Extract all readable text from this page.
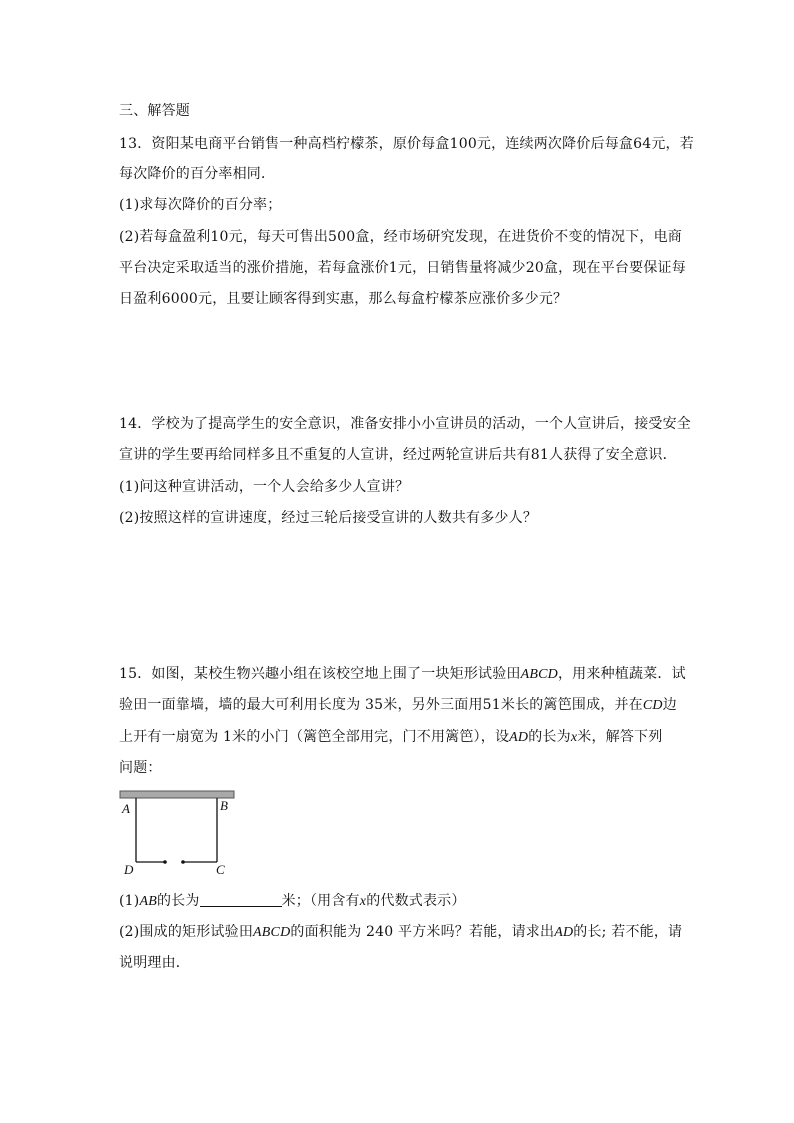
三、解答题
13．资阳某电商平台销售一种高档柠檬茶，原价每盒100元，连续两次降价后每盒64元，若
每次降价的百分率相同．
(1)求每次降价的百分率；
(2)若每盒盈利10元，每天可售出500盒，经市场研究发现，在进货价不变的情况下，电商
平台决定采取适当的涨价措施，若每盒涨价1元，日销售量将减少20盒，现在平台要保证每
日盈利6000元，且要让顾客得到实惠，那么每盒柠檬茶应涨价多少元？
14．学校为了提高学生的安全意识，准备安排小小宣讲员的活动，一个人宣讲后，接受安全
宣讲的学生要再给同样多且不重复的人宣讲，经过两轮宣讲后共有81人获得了安全意识．
(1)问这种宣讲活动，一个人会给多少人宣讲？
(2)按照这样的宣讲速度，经过三轮后接受宣讲的人数共有多少人？
15．如图，某校生物兴趣小组在该校空地上围了一块矩形试验田ABCD，用来种植蔬菜．试
验田一面靠墙，墙的最大可利用长度为 35米，另外三面用51米长的篱笆围成，并在CD边
上开有一扇宽为 1米的小门（篱笆全部用完，门不用篱笆），设AD的长为x米，解答下列
问题：
A	B
D	C
(1)AB的长为	米；（用含有x的代数式表示）
(2)围成的矩形试验田ABCD的面积能为 240 平方米吗？若能，请求出AD的长; 若不能，请
说明理由．
